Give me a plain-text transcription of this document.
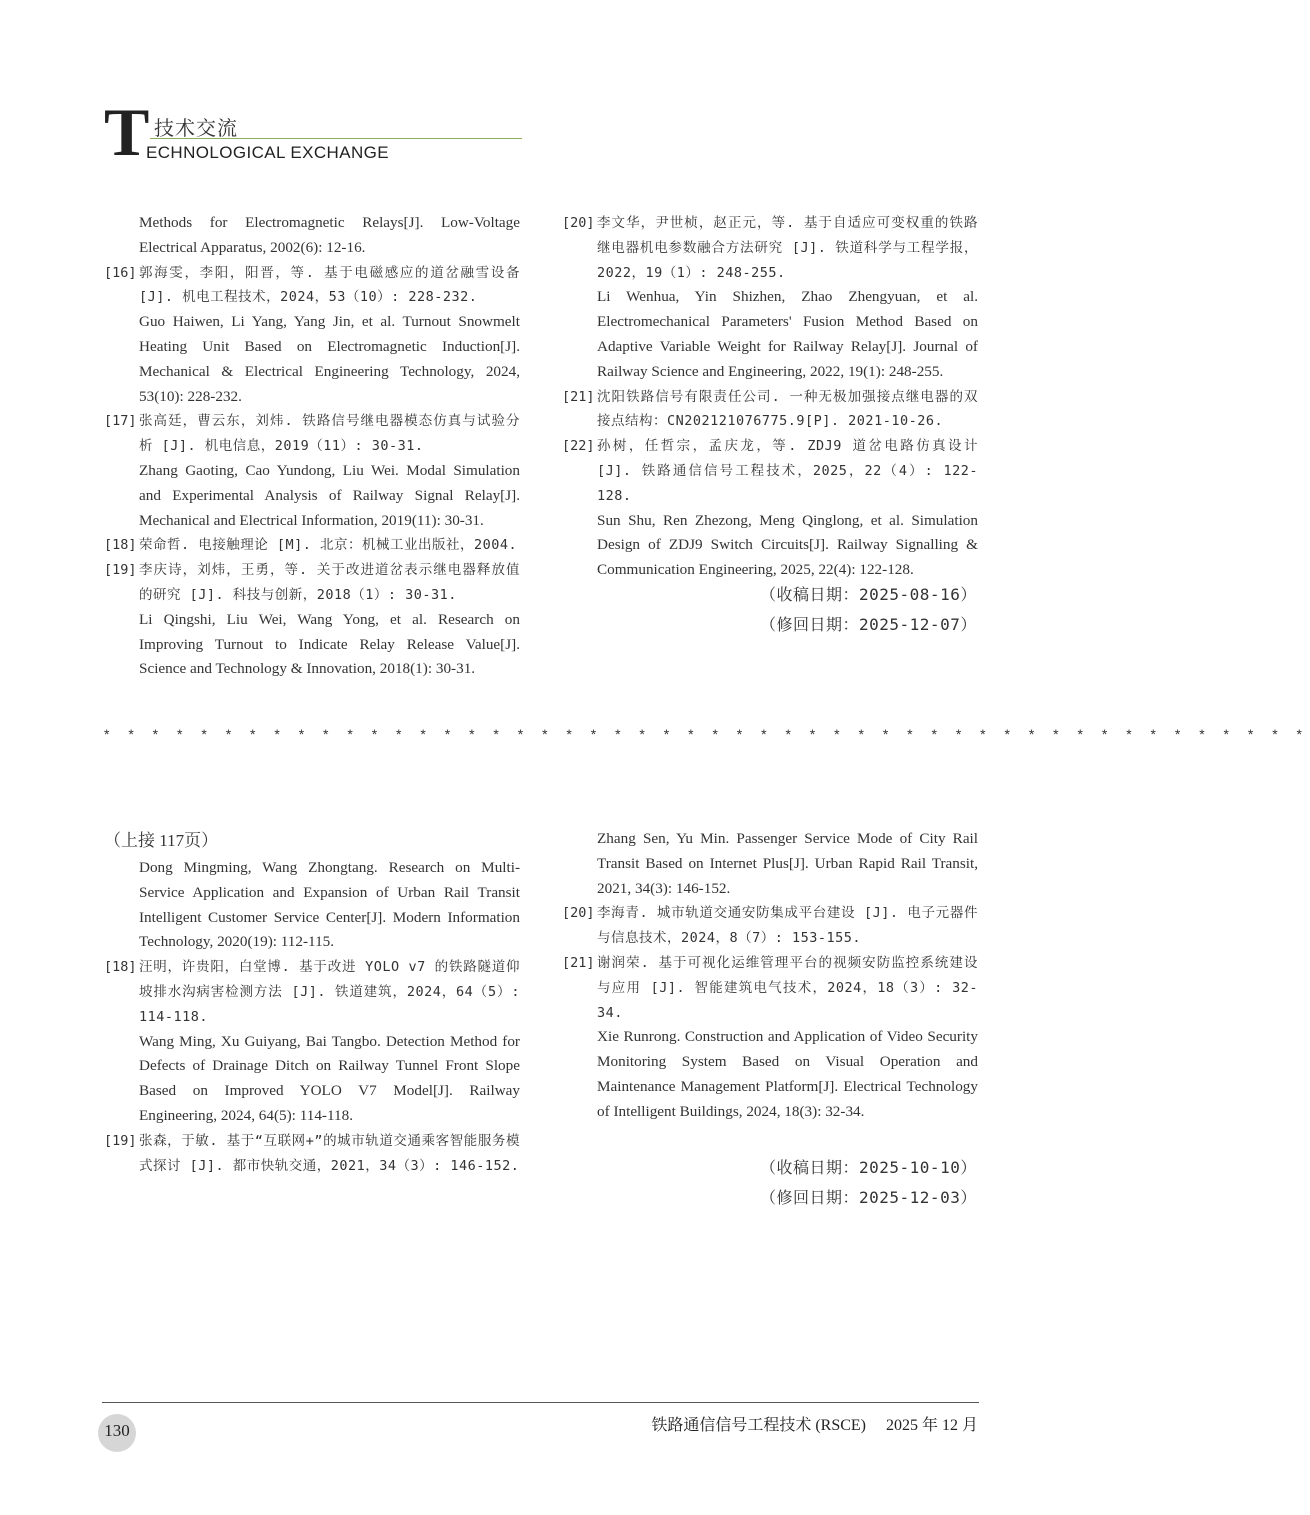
T 技术交流
ECHNOLOGICAL EXCHANGE
Methods for Electromagnetic Relays[J]. Low-Voltage Electrical Apparatus, 2002(6): 12-16.
[16] 郭海雯，李阳，阳晋，等. 基于电磁感应的道岔融雪设备 [J]. 机电工程技术，2024，53（10）: 228-232.
Guo Haiwen, Li Yang, Yang Jin, et al. Turnout Snowmelt Heating Unit Based on Electromagnetic Induction[J]. Mechanical & Electrical Engineering Technology, 2024, 53(10): 228-232.
[17] 张高廷，曹云东，刘炜. 铁路信号继电器模态仿真与试验分析 [J]. 机电信息，2019（11）: 30-31.
Zhang Gaoting, Cao Yundong, Liu Wei. Modal Simulation and Experimental Analysis of Railway Signal Relay[J]. Mechanical and Electrical Information, 2019(11): 30-31.
[18] 荣命哲. 电接触理论 [M]. 北京：机械工业出版社，2004.
[19] 李庆诗，刘炜，王勇，等. 关于改进道岔表示继电器释放值的研究 [J]. 科技与创新，2018（1）: 30-31.
Li Qingshi, Liu Wei, Wang Yong, et al. Research on Improving Turnout to Indicate Relay Release Value[J]. Science and Technology & Innovation, 2018(1): 30-31.
[20] 李文华，尹世桢，赵正元，等. 基于自适应可变权重的铁路继电器机电参数融合方法研究 [J]. 铁道科学与工程学报，2022，19（1）: 248-255.
Li Wenhua, Yin Shizhen, Zhao Zhengyuan, et al. Electromechanical Parameters' Fusion Method Based on Adaptive Variable Weight for Railway Relay[J]. Journal of Railway Science and Engineering, 2022, 19(1): 248-255.
[21] 沈阳铁路信号有限责任公司. 一种无极加强接点继电器的双接点结构：CN202121076775.9[P]. 2021-10-26.
[22] 孙树，任哲宗，孟庆龙，等. ZDJ9 道岔电路仿真设计 [J]. 铁路通信信号工程技术，2025，22（4）: 122-128.
Sun Shu, Ren Zhezong, Meng Qinglong, et al. Simulation Design of ZDJ9 Switch Circuits[J]. Railway Signalling & Communication Engineering, 2025, 22(4): 122-128.
（收稿日期：2025-08-16）
（修回日期：2025-12-07）
* * * * * * * * * * * * * * * * * * * * * * * * * * * * * * * * * * * * * * * * * * * * * * * * * *
（上接 117页）
Dong Mingming, Wang Zhongtang. Research on Multi-Service Application and Expansion of Urban Rail Transit Intelligent Customer Service Center[J]. Modern Information Technology, 2020(19): 112-115.
[18] 汪明，许贵阳，白堂博. 基于改进 YOLO v7 的铁路隧道仰坡排水沟病害检测方法 [J]. 铁道建筑，2024，64（5）: 114-118.
Wang Ming, Xu Guiyang, Bai Tangbo. Detection Method for Defects of Drainage Ditch on Railway Tunnel Front Slope Based on Improved YOLO V7 Model[J]. Railway Engineering, 2024, 64(5): 114-118.
[19] 张森，于敏. 基于“互联网+”的城市轨道交通乘客智能服务模式探讨 [J]. 都市快轨交通，2021，34（3）: 146-152.
Zhang Sen, Yu Min. Passenger Service Mode of City Rail Transit Based on Internet Plus[J]. Urban Rapid Rail Transit, 2021, 34(3): 146-152.
[20] 李海青. 城市轨道交通安防集成平台建设 [J]. 电子元器件与信息技术，2024，8（7）: 153-155.
[21] 谢润荣. 基于可视化运维管理平台的视频安防监控系统建设与应用 [J]. 智能建筑电气技术，2024，18（3）: 32-34.
Xie Runrong. Construction and Application of Video Security Monitoring System Based on Visual Operation and Maintenance Management Platform[J]. Electrical Technology of Intelligent Buildings, 2024, 18(3): 32-34.
（收稿日期：2025-10-10）
（修回日期：2025-12-03）
130	铁路通信信号工程技术 (RSCE)　 2025 年 12 月
